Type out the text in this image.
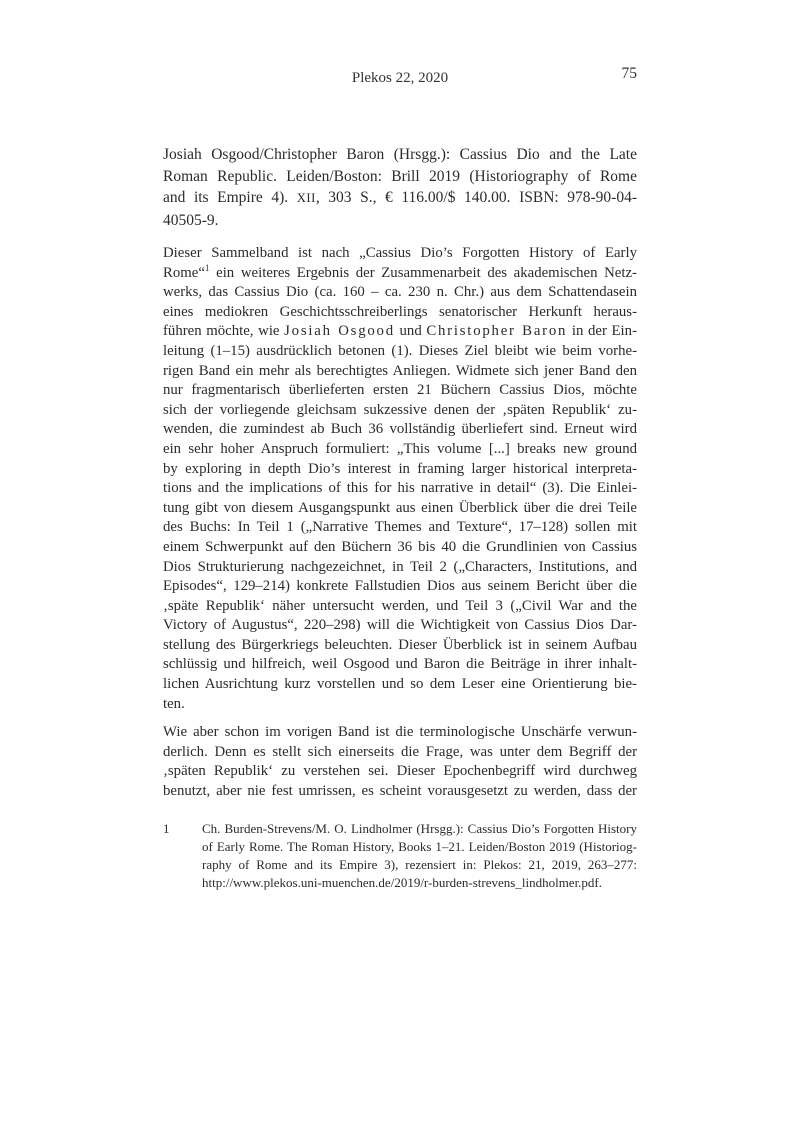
Plekos 22, 2020	75
Josiah Osgood/Christopher Baron (Hrsgg.): Cassius Dio and the Late
Roman Republic. Leiden/Boston: Brill 2019 (Historiography of Rome
and its Empire 4). XII, 303 S., € 116.00/$ 140.00. ISBN: 978-90-04-
40505-9.
Dieser Sammelband ist nach „Cassius Dio’s Forgotten History of Early
Rome“$^1$ ein weiteres Ergebnis der Zusammenarbeit des akademischen Netz-
werks, das Cassius Dio (ca. 160 – ca. 230 n. Chr.) aus dem Schattendasein
eines mediokren Geschichtsschreiberlings senatorischer Herkunft heraus-
führen möchte, wie Josiah Osgood und Christopher Baron in der Ein-
leitung (1–15) ausdrücklich betonen (1). Dieses Ziel bleibt wie beim vorhe-
rigen Band ein mehr als berechtigtes Anliegen. Widmete sich jener Band den
nur fragmentarisch überlieferten ersten 21 Büchern Cassius Dios, möchte
sich der vorliegende gleichsam sukzessive denen der ‚späten Republik‘ zu-
wenden, die zumindest ab Buch 36 vollständig überliefert sind. Erneut wird
ein sehr hoher Anspruch formuliert: „This volume [...] breaks new ground
by exploring in depth Dio’s interest in framing larger historical interpreta-
tions and the implications of this for his narrative in detail“ (3). Die Einlei-
tung gibt von diesem Ausgangspunkt aus einen Überblick über die drei Teile
des Buchs: In Teil 1 („Narrative Themes and Texture“, 17–128) sollen mit
einem Schwerpunkt auf den Büchern 36 bis 40 die Grundlinien von Cassius
Dios Strukturierung nachgezeichnet, in Teil 2 („Characters, Institutions, and
Episodes“, 129–214) konkrete Fallstudien Dios aus seinem Bericht über die
‚späte Republik‘ näher untersucht werden, und Teil 3 („Civil War and the
Victory of Augustus“, 220–298) will die Wichtigkeit von Cassius Dios Dar-
stellung des Bürgerkriegs beleuchten. Dieser Überblick ist in seinem Aufbau
schlüssig und hilfreich, weil Osgood und Baron die Beiträge in ihrer inhalt-
lichen Ausrichtung kurz vorstellen und so dem Leser eine Orientierung bie-
ten.
Wie aber schon im vorigen Band ist die terminologische Unschärfe verwun-
derlich. Denn es stellt sich einerseits die Frage, was unter dem Begriff der
‚späten Republik‘ zu verstehen sei. Dieser Epochenbegriff wird durchweg
benutzt, aber nie fest umrissen, es scheint vorausgesetzt zu werden, dass der
1	Ch. Burden-Strevens/M. O. Lindholmer (Hrsgg.): Cassius Dio’s Forgotten History
of Early Rome. The Roman History, Books 1–21. Leiden/Boston 2019 (Historiog-
raphy of Rome and its Empire 3), rezensiert in: Plekos: 21, 2019, 263–277:
http://www.plekos.uni-muenchen.de/2019/r-burden-strevens_lindholmer.pdf.
